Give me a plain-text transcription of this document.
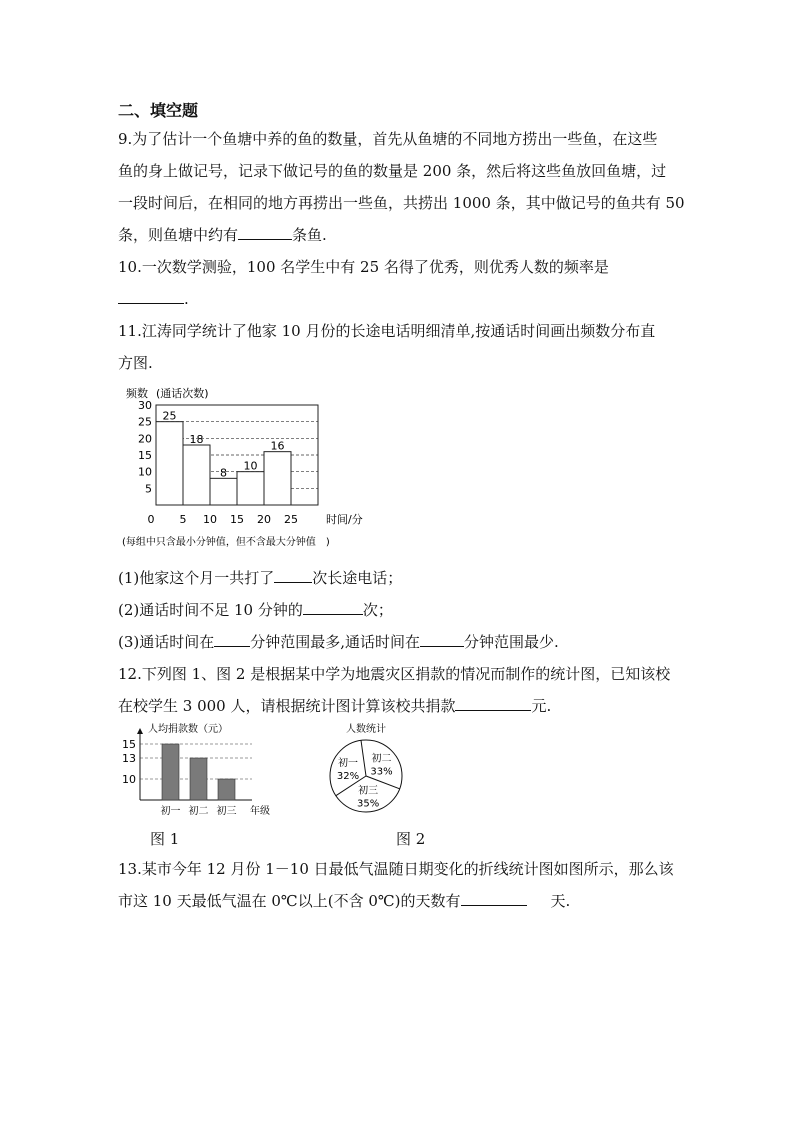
二、填空题
9.为了估计一个鱼塘中养的鱼的数量，首先从鱼塘的不同地方捞出一些鱼，在这些
鱼的身上做记号，记录下做记号的鱼的数量是 200 条，然后将这些鱼放回鱼塘，过
一段时间后，在相同的地方再捞出一些鱼，共捞出 1000 条，其中做记号的鱼共有 50
条，则鱼塘中约有	条鱼.
10.一次数学测验，100 名学生中有 25 名得了优秀，则优秀人数的频率是
.
11.江涛同学统计了他家 10 月份的长途电话明细清单,按通话时间画出频数分布直
方图.
频数 (通话次数)
5
10
15
20
25
30
0
25
18
8
10
16
5 10 15 20 25	时间/分
(每组中只含最小分钟值，但不含最大分钟值　)
(1)他家这个月一共打了	次长途电话；
(2)通话时间不足 10 分钟的	次；
(3)通话时间在 分钟范围最多,通话时间在	分钟范围最少.
12.下列图 1、图 2 是根据某中学为地震灾区捐款的情况而制作的统计图，已知该校
在校学生 3 000 人，请根据统计图计算该校共捐款	元.
人均捐款数（元）
10
13
15
初一 初二 初三 年级
人数统计
初二
33%
初三
35%
初一
32%
图 1	图 2
13.某市今年 12 月份 1－10 日最低气温随日期变化的折线统计图如图所示，那么该
市这 10 天最低气温在 0℃以上(不含 0℃)的天数有	天.
